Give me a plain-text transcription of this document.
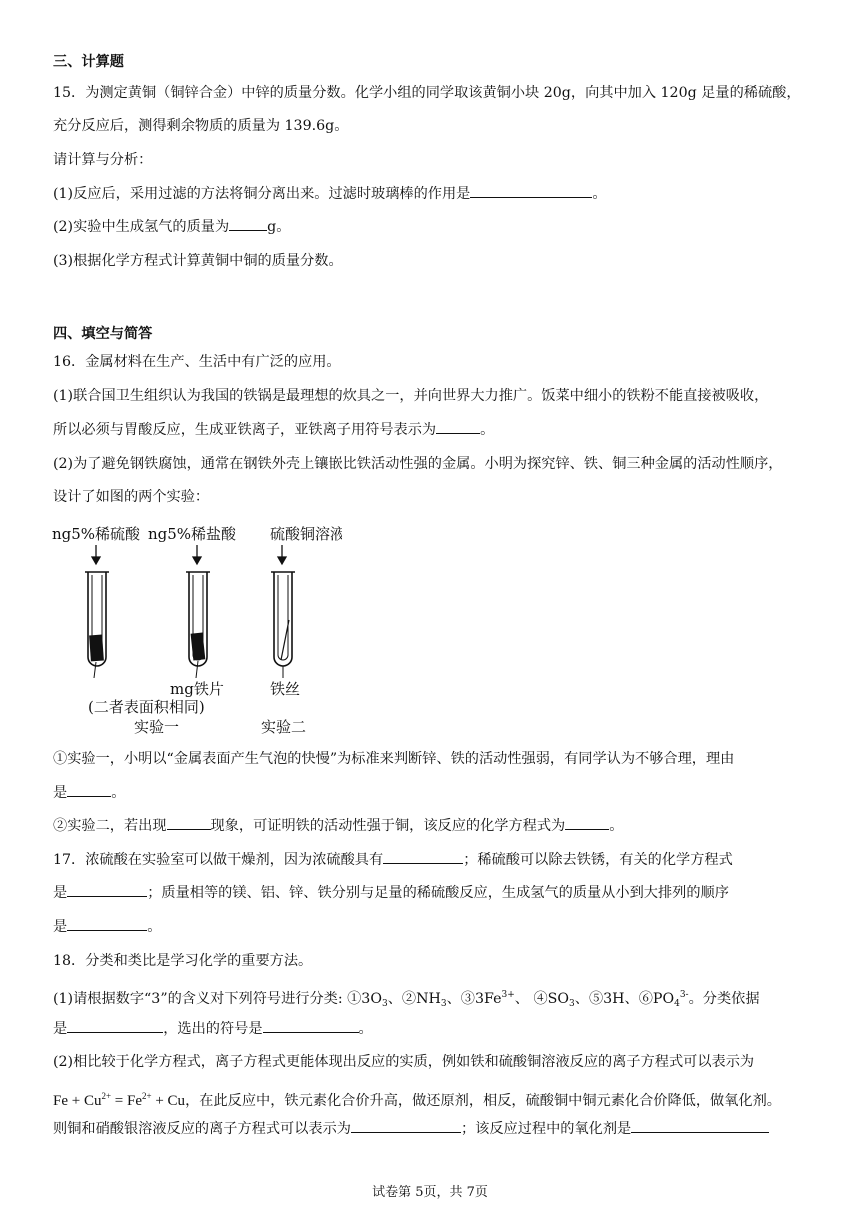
三、计算题
15．为测定黄铜（铜锌合金）中锌的质量分数。化学小组的同学取该黄铜小块 20g，向其中加入 120g 足量的稀硫酸，
充分反应后，测得剩余物质的质量为 139.6g。
请计算与分析：
(1)反应后，采用过滤的方法将铜分离出来。过滤时玻璃棒的作用是	。
(2)实验中生成氢气的质量为	g。
(3)根据化学方程式计算黄铜中铜的质量分数。
四、填空与简答
16．金属材料在生产、生活中有广泛的应用。
(1)联合国卫生组织认为我国的铁锅是最理想的炊具之一，并向世界大力推广。饭菜中细小的铁粉不能直接被吸收，
所以必须与胃酸反应，生成亚铁离子，亚铁离子用符号表示为	。
(2)为了避免钢铁腐蚀，通常在钢铁外壳上镶嵌比铁活动性强的金属。小明为探究锌、铁、铜三种金属的活动性顺序，
设计了如图的两个实验：
ng5%稀硫酸 ng5%稀盐酸 硫酸铜溶液
mg铁片	铁丝
(二者表面积相同)
实验一	实验二
①实验一，小明以“金属表面产生气泡的快慢”为标准来判断锌、铁的活动性强弱，有同学认为不够合理，理由
是	。
②实验二，若出现	现象，可证明铁的活动性强于铜，该反应的化学方程式为	。
17．浓硫酸在实验室可以做干燥剂，因为浓硫酸具有	；稀硫酸可以除去铁锈，有关的化学方程式
是	；质量相等的镁、铝、锌、铁分别与足量的稀硫酸反应，生成氢气的质量从小到大排列的顺序
是	。
18．分类和类比是学习化学的重要方法。
(1)请根据数字“3”的含义对下列符号进行分类: $①3O_3$、$②NH_3$、$③3Fe^{3+}$、 $④SO_3$、⑤3H、$⑥PO_4^{3-}$。分类依据
是	，选出的符号是	。
(2)相比较于化学方程式，离子方程式更能体现出反应的实质，例如铁和硫酸铜溶液反应的离子方程式可以表示为
$Fe + Cu^{2+} = Fe^{2+} + Cu$，在此反应中，铁元素化合价升高，做还原剂，相反，硫酸铜中铜元素化合价降低，做氧化剂。
则铜和硝酸银溶液反应的离子方程式可以表示为	；该反应过程中的氧化剂是
试卷第 5页，共 7页
